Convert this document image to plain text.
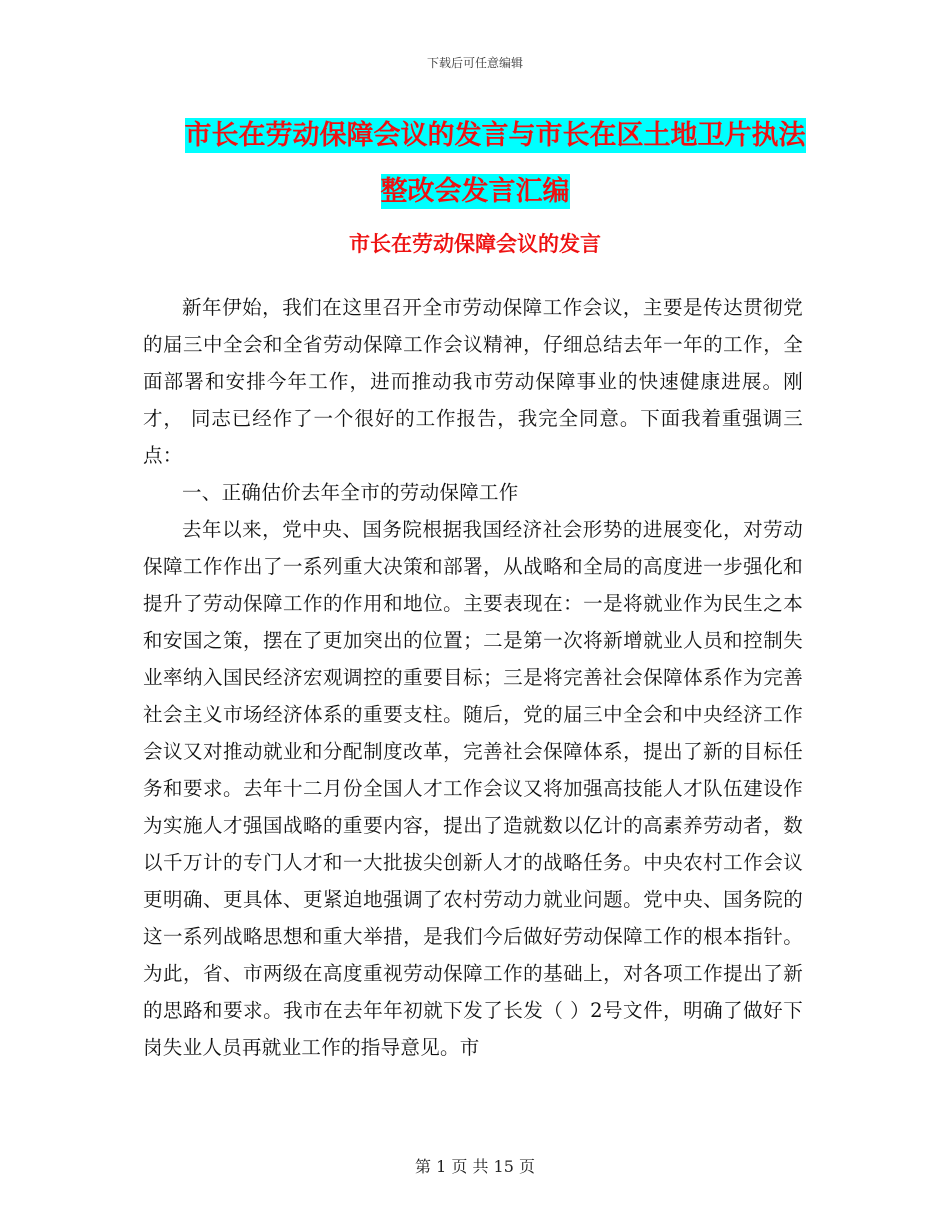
下载后可任意编辑
市长在劳动保障会议的发言与市长在区土地卫片执法
整改会发言汇编
市长在劳动保障会议的发言

新年伊始，我们在这里召开全市劳动保障工作会议，主要是传达贯彻党的届三中全会和全省劳动保障工作会议精神，仔细总结去年一年的工作，全面部署和安排今年工作，进而推动我市劳动保障事业的快速健康进展。刚才， 同志已经作了一个很好的工作报告，我完全同意。下面我着重强调三点：

一、正确估价去年全市的劳动保障工作

去年以来，党中央、国务院根据我国经济社会形势的进展变化，对劳动保障工作作出了一系列重大决策和部署，从战略和全局的高度进一步强化和提升了劳动保障工作的作用和地位。主要表现在：一是将就业作为民生之本和安国之策，摆在了更加突出的位置；二是第一次将新增就业人员和控制失业率纳入国民经济宏观调控的重要目标；三是将完善社会保障体系作为完善社会主义市场经济体系的重要支柱。随后，党的届三中全会和中央经济工作会议又对推动就业和分配制度改革，完善社会保障体系，提出了新的目标任务和要求。去年十二月份全国人才工作会议又将加强高技能人才队伍建设作为实施人才强国战略的重要内容，提出了造就数以亿计的高素养劳动者，数以千万计的专门人才和一大批拔尖创新人才的战略任务。中央农村工作会议更明确、更具体、更紧迫地强调了农村劳动力就业问题。党中央、国务院的这一系列战略思想和重大举措，是我们今后做好劳动保障工作的根本指针。为此，省、市两级在高度重视劳动保障工作的基础上，对各项工作提出了新的思路和要求。我市在去年年初就下发了长发（ ）2号文件，明确了做好下岗失业人员再就业工作的指导意见。市

第 1 页 共 15 页
